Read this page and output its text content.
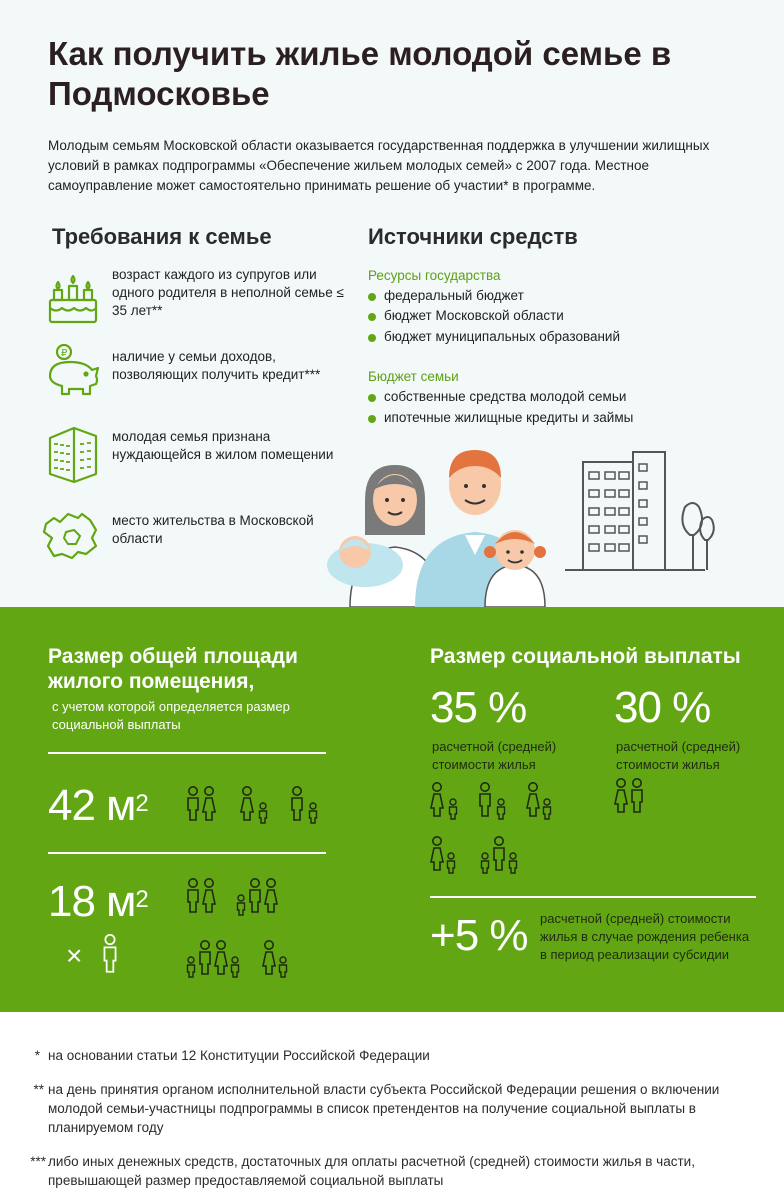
Как получить жилье молодой семье в Подмосковье

Молодым семьям Московской области оказывается государственная поддержка в улучшении жилищных условий в рамках подпрограммы «Обеспечение жильем молодых семей» с 2007 года. Местное самоуправление может самостоятельно принимать решение об участии* в программе.

Требования к семье
возраст каждого из супругов или одного родителя в неполной семье ≤ 35 лет**
₽	наличие у семьи доходов, позволяющих получить кредит***
молодая семья признана нуждающейся в жилом помещении
место жительства в Московской области
Источники средств
Ресурсы государства
федеральный бюджет
бюджет Московской области
бюджет муниципальных образований
Бюджет семьи
собственные средства молодой семьи
ипотечные жилищные кредиты и займы
Размер общей площади жилого помещения,

с учетом которой определяется размер социальной выплаты

42 $м^2$
18 $м^2$
×
Размер социальной выплаты
35 %
расчетной (средней) стоимости жилья
30 %
расчетной (средней) стоимости жилья
+5 % расчетной (средней) стоимости жилья в случае рождения ребенка в период реализации субсидии
* на основании статьи 12 Конституции Российской Федерации
** на день принятия органом исполнительной власти субъекта Российской Федерации решения о включении молодой семьи-участницы подпрограммы в список претендентов на получение социальной выплаты в планируемом году
*** либо иных денежных средств, достаточных для оплаты расчетной (средней) стоимости жилья в части, превышающей размер предоставляемой социальной выплаты
